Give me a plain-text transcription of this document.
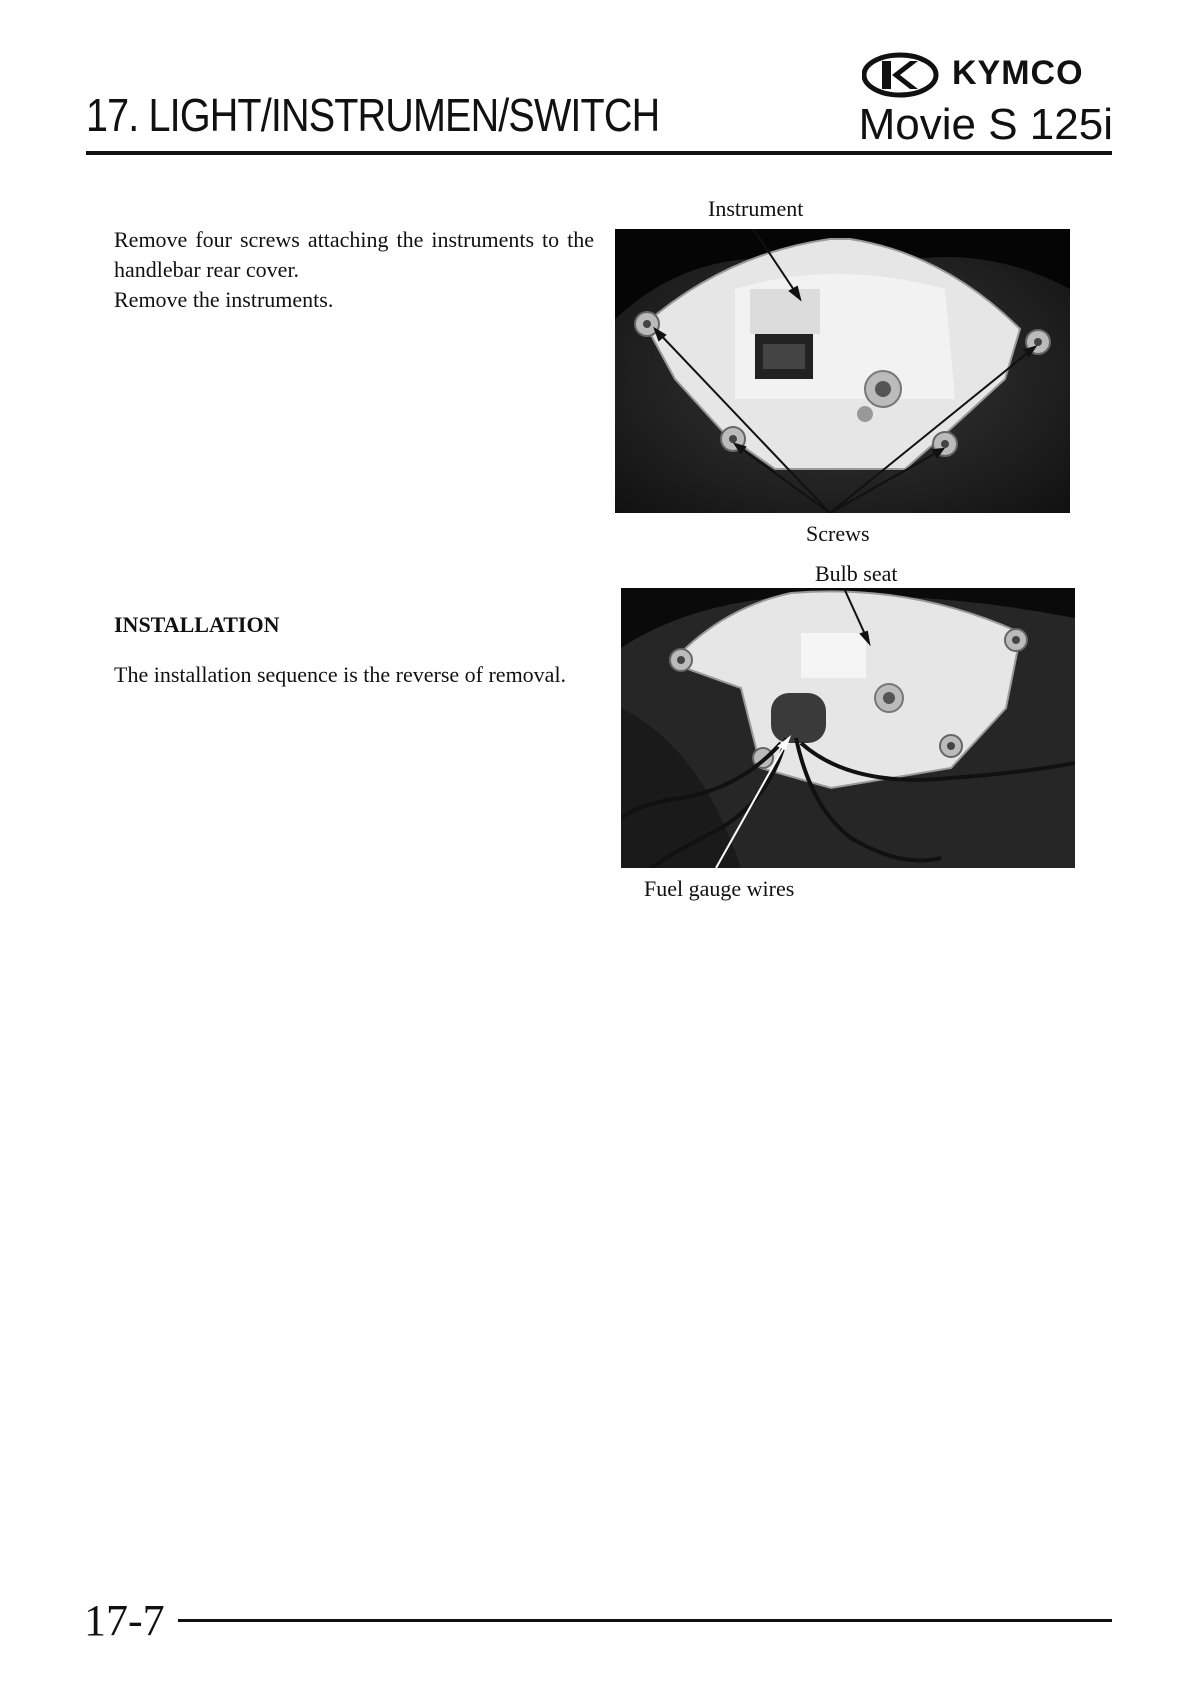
17. LIGHT/INSTRUMEN/SWITCH
KYMCO
Movie S 125i
Remove four screws attaching the instruments to the handlebar rear cover.
Remove the instruments.
INSTALLATION
The installation sequence is the reverse of removal.
Instrument
Screws
Bulb seat
Fuel gauge wires
17-7
